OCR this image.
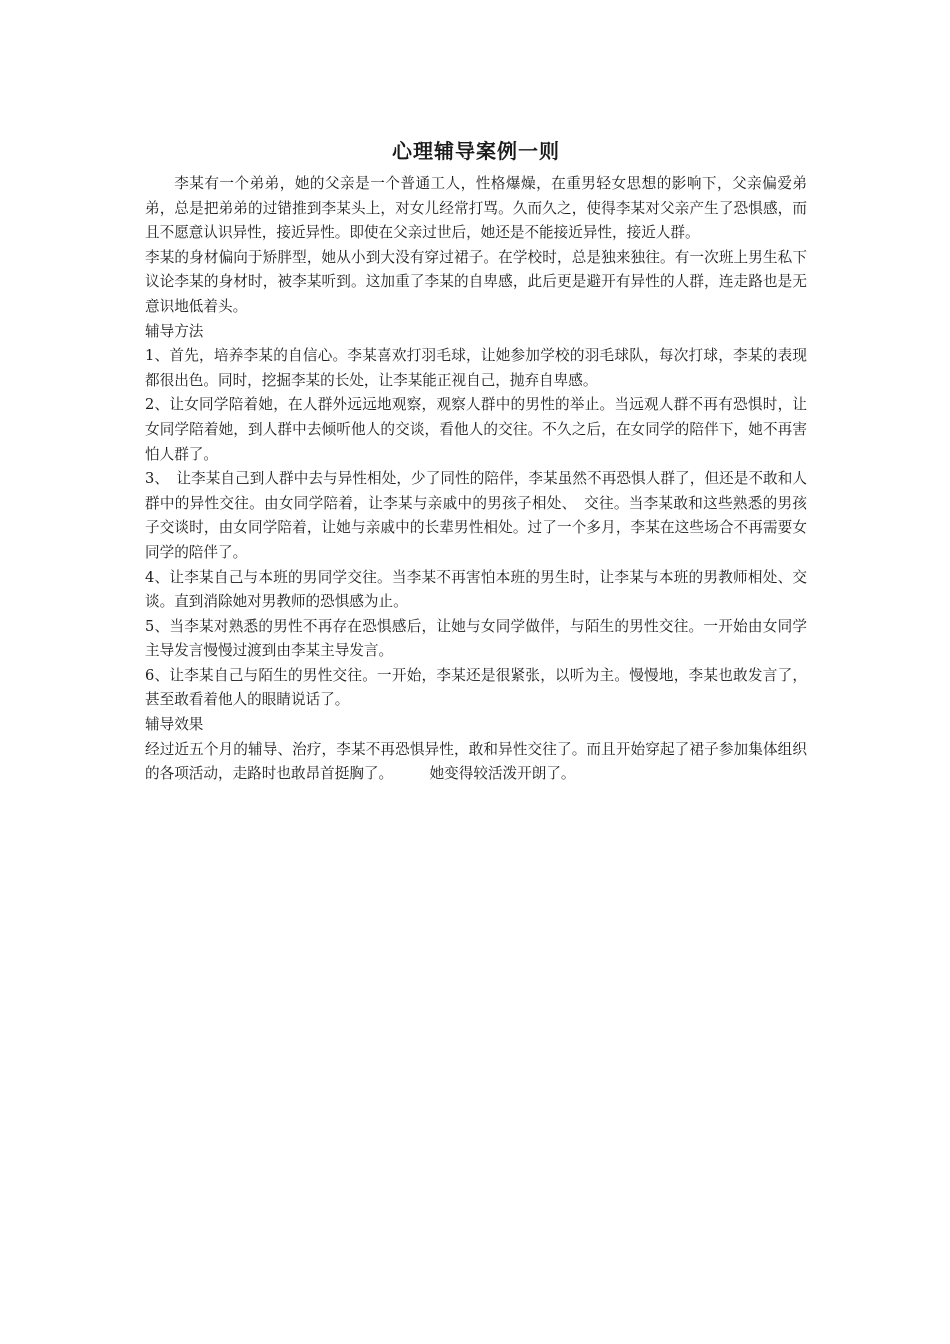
心理辅导案例一则

李某有一个弟弟，她的父亲是一个普通工人，性格爆燥，在重男轻女思想的影响下，父亲偏爱弟弟，总是把弟弟的过错推到李某头上，对女儿经常打骂。久而久之，使得李某对父亲产生了恐惧感，而且不愿意认识异性，接近异性。即使在父亲过世后，她还是不能接近异性，接近人群。

李某的身材偏向于矫胖型，她从小到大没有穿过裙子。在学校时，总是独来独往。有一次班上男生私下议论李某的身材时，被李某听到。这加重了李某的自卑感，此后更是避开有异性的人群，连走路也是无意识地低着头。

辅导方法

1、首先，培养李某的自信心。李某喜欢打羽毛球，让她参加学校的羽毛球队，每次打球，李某的表现都很出色。同时，挖掘李某的长处，让李某能正视自己，抛弃自卑感。

2、让女同学陪着她，在人群外远远地观察，观察人群中的男性的举止。当远观人群不再有恐惧时，让女同学陪着她，到人群中去倾听他人的交谈，看他人的交往。不久之后，在女同学的陪伴下，她不再害怕人群了。

3、　让李某自己到人群中去与异性相处，少了同性的陪伴，李某虽然不再恐惧人群了，但还是不敢和人群中的异性交往。由女同学陪着，让李某与亲戚中的男孩子相处、　交往。当李某敢和这些熟悉的男孩子交谈时，由女同学陪着，让她与亲戚中的长辈男性相处。过了一个多月，李某在这些场合不再需要女同学的陪伴了。

4、让李某自己与本班的男同学交往。当李某不再害怕本班的男生时，让李某与本班的男教师相处、交谈。直到消除她对男教师的恐惧感为止。

5、当李某对熟悉的男性不再存在恐惧感后，让她与女同学做伴，与陌生的男性交往。一开始由女同学主导发言慢慢过渡到由李某主导发言。

6、让李某自己与陌生的男性交往。一开始，李某还是很紧张，以听为主。慢慢地，李某也敢发言了，甚至敢看着他人的眼睛说话了。

辅导效果

经过近五个月的辅导、治疗，李某不再恐惧异性，敢和异性交往了。而且开始穿起了裙子参加集体组织的各项活动，走路时也敢昂首挺胸了。　　　她变得较活泼开朗了。
